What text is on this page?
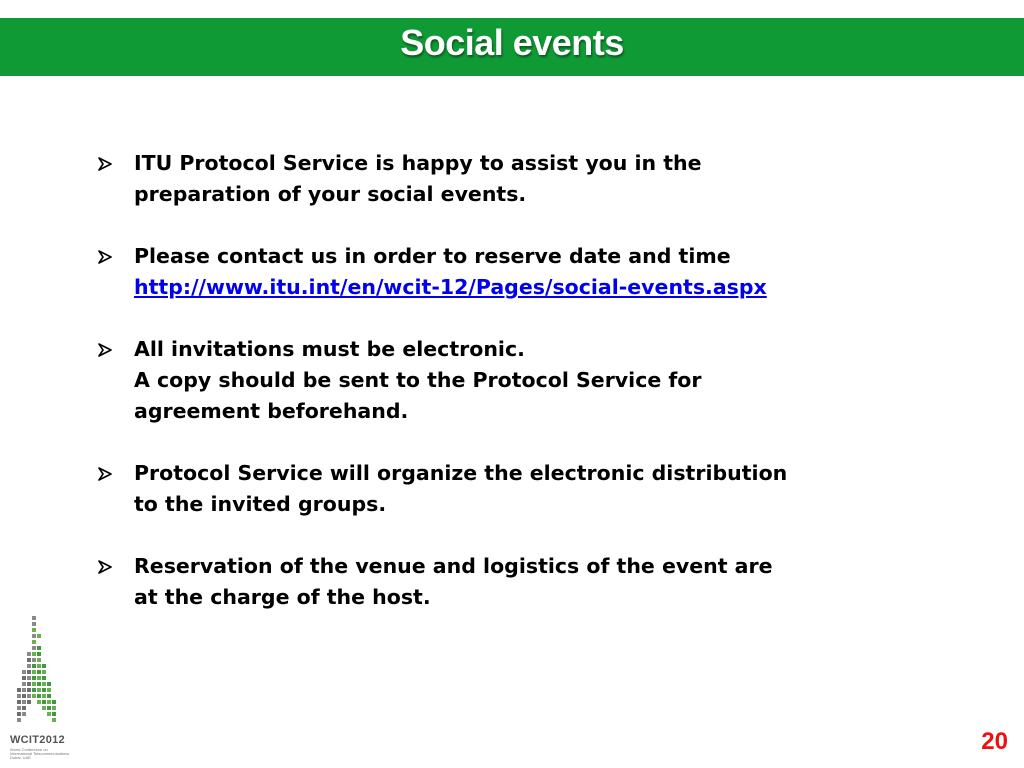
Social events
ITU Protocol Service is happy to assist you in the
preparation of your social events.
Please contact us in order to reserve date and time
http://www.itu.int/en/wcit-12/Pages/social-events.aspx
All invitations must be electronic.
A copy should be sent to the Protocol Service for
agreement beforehand.
Protocol Service will organize the electronic distribution
to the invited groups.
Reservation of the venue and logistics of the event are
at the charge of the host.
WCIT2012
World Conference on International Telecommunications Dubai, UAE
20
